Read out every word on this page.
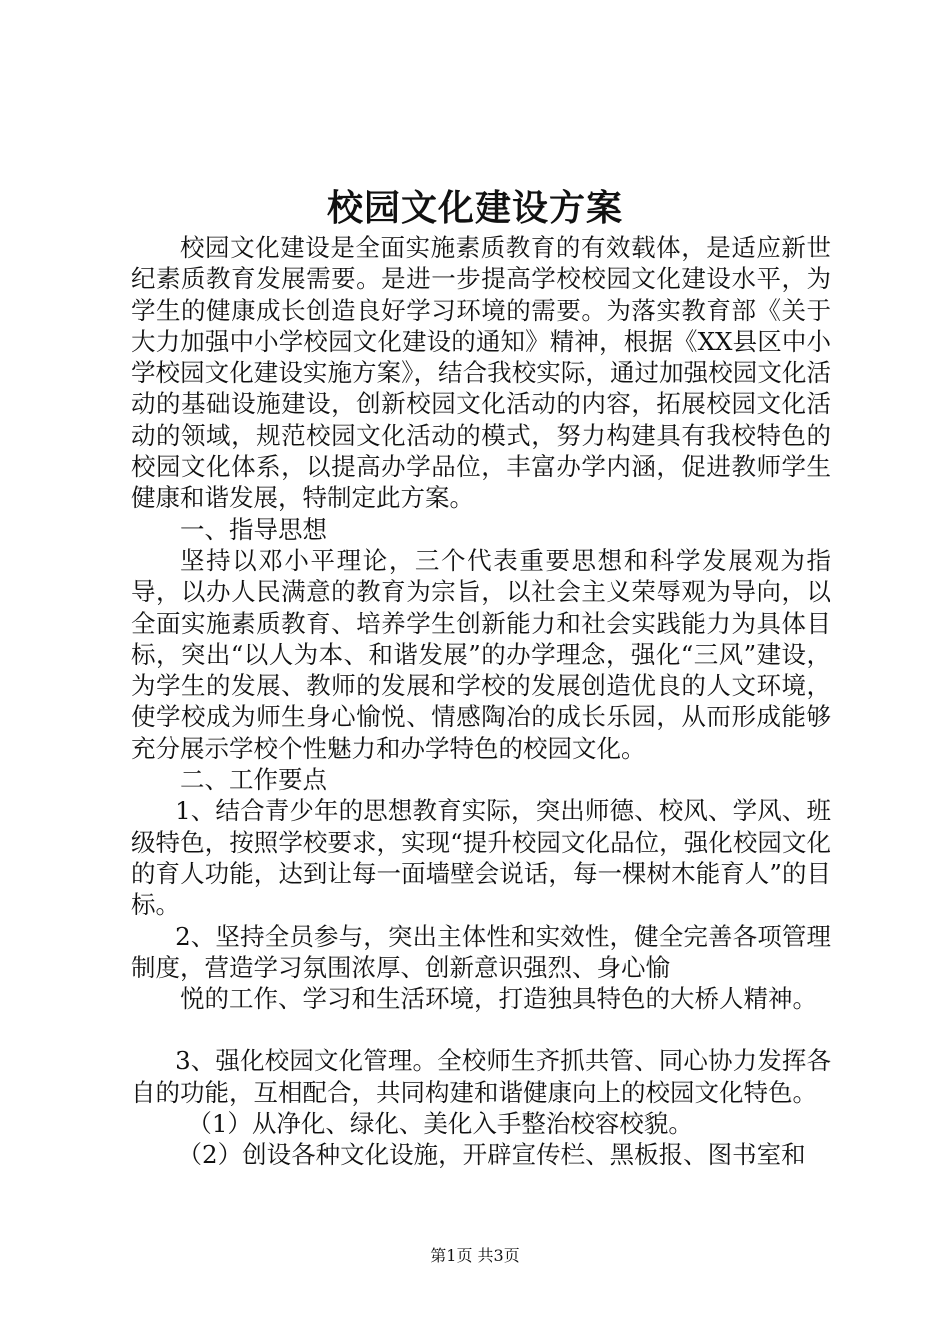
校园文化建设方案

校园文化建设是全面实施素质教育的有效载体，是适应新世纪素质教育发展需要。是进一步提高学校校园文化建设水平，为学生的健康成长创造良好学习环境的需要。为落实教育部《关于大力加强中小学校园文化建设的通知》精神，根据《XX县区中小学校园文化建设实施方案》，结合我校实际，通过加强校园文化活动的基础设施建设，创新校园文化活动的内容，拓展校园文化活动的领域，规范校园文化活动的模式，努力构建具有我校特色的校园文化体系，以提高办学品位，丰富办学内涵，促进教师学生健康和谐发展，特制定此方案。

一、指导思想

坚持以邓小平理论，三个代表重要思想和科学发展观为指导，以办人民满意的教育为宗旨，以社会主义荣辱观为导向，以全面实施素质教育、培养学生创新能力和社会实践能力为具体目标，突出“以人为本、和谐发展”的办学理念，强化“三风”建设，为学生的发展、教师的发展和学校的发展创造优良的人文环境，使学校成为师生身心愉悦、情感陶冶的成长乐园，从而形成能够充分展示学校个性魅力和办学特色的校园文化。

二、工作要点

1、结合青少年的思想教育实际，突出师德、校风、学风、班级特色，按照学校要求，实现“提升校园文化品位，强化校园文化的育人功能，达到让每一面墙壁会说话，每一棵树木能育人”的目标。

2、坚持全员参与，突出主体性和实效性，健全完善各项管理制度，营造学习氛围浓厚、创新意识强烈、身心愉

悦的工作、学习和生活环境，打造独具特色的大桥人精神。

3、强化校园文化管理。全校师生齐抓共管、同心协力发挥各自的功能，互相配合，共同构建和谐健康向上的校园文化特色。

（1）从净化、绿化、美化入手整治校容校貌。

（2）创设各种文化设施，开辟宣传栏、黑板报、图书室和

第1页 共3页
